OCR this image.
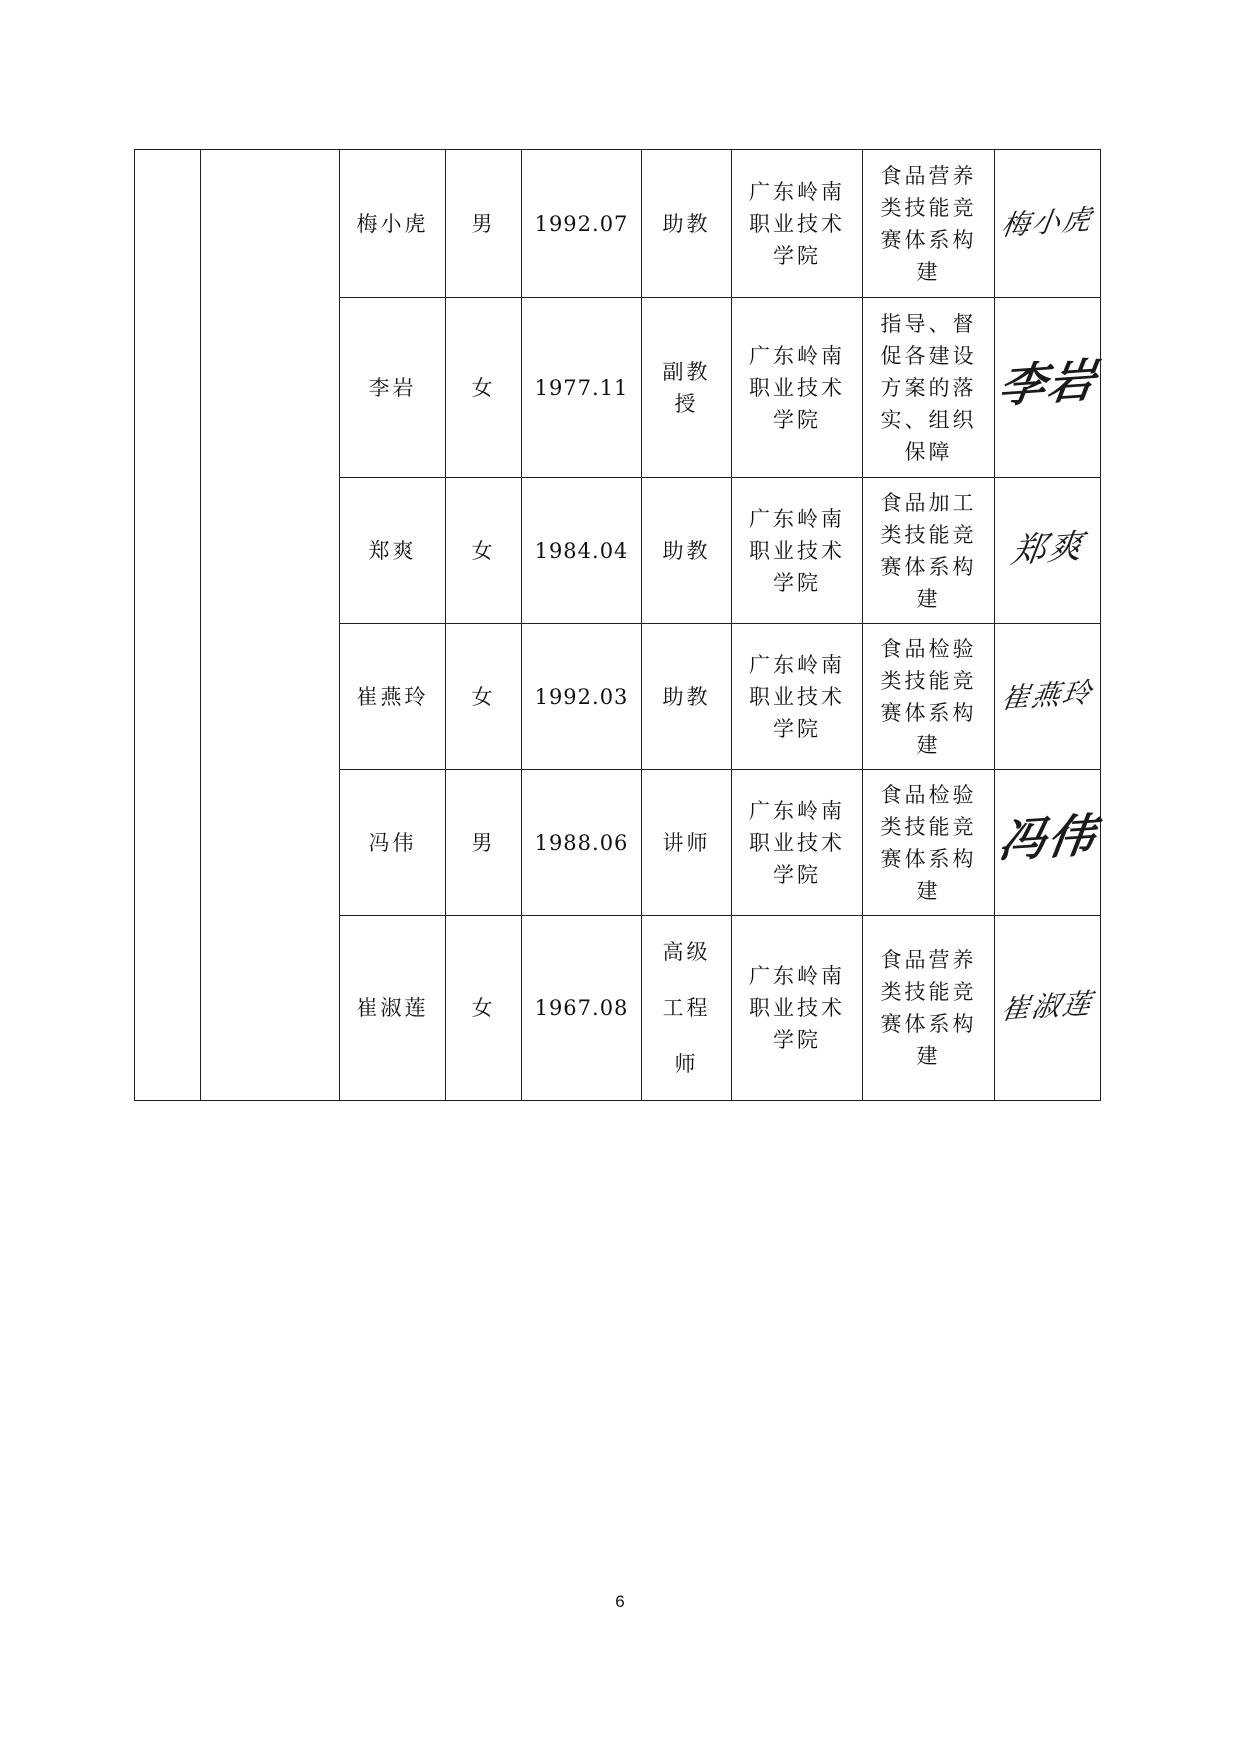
		梅小虎	男	1992.07	助教	广东岭南职业技术学院	食品营养类技能竞赛体系构建	梅小虎
		李岩	女	1977.11	副教授	广东岭南职业技术学院	指导、督促各建设方案的落实、组织保障	李岩
		郑爽	女	1984.04	助教	广东岭南职业技术学院	食品加工类技能竞赛体系构建	郑爽
		崔燕玲	女	1992.03	助教	广东岭南职业技术学院	食品检验类技能竞赛体系构建	崔燕玲
		冯伟	男	1988.06	讲师	广东岭南职业技术学院	食品检验类技能竞赛体系构建	冯伟
		崔淑莲	女	1967.08	高级工程师	广东岭南职业技术学院	食品营养类技能竞赛体系构建	崔淑莲
6
